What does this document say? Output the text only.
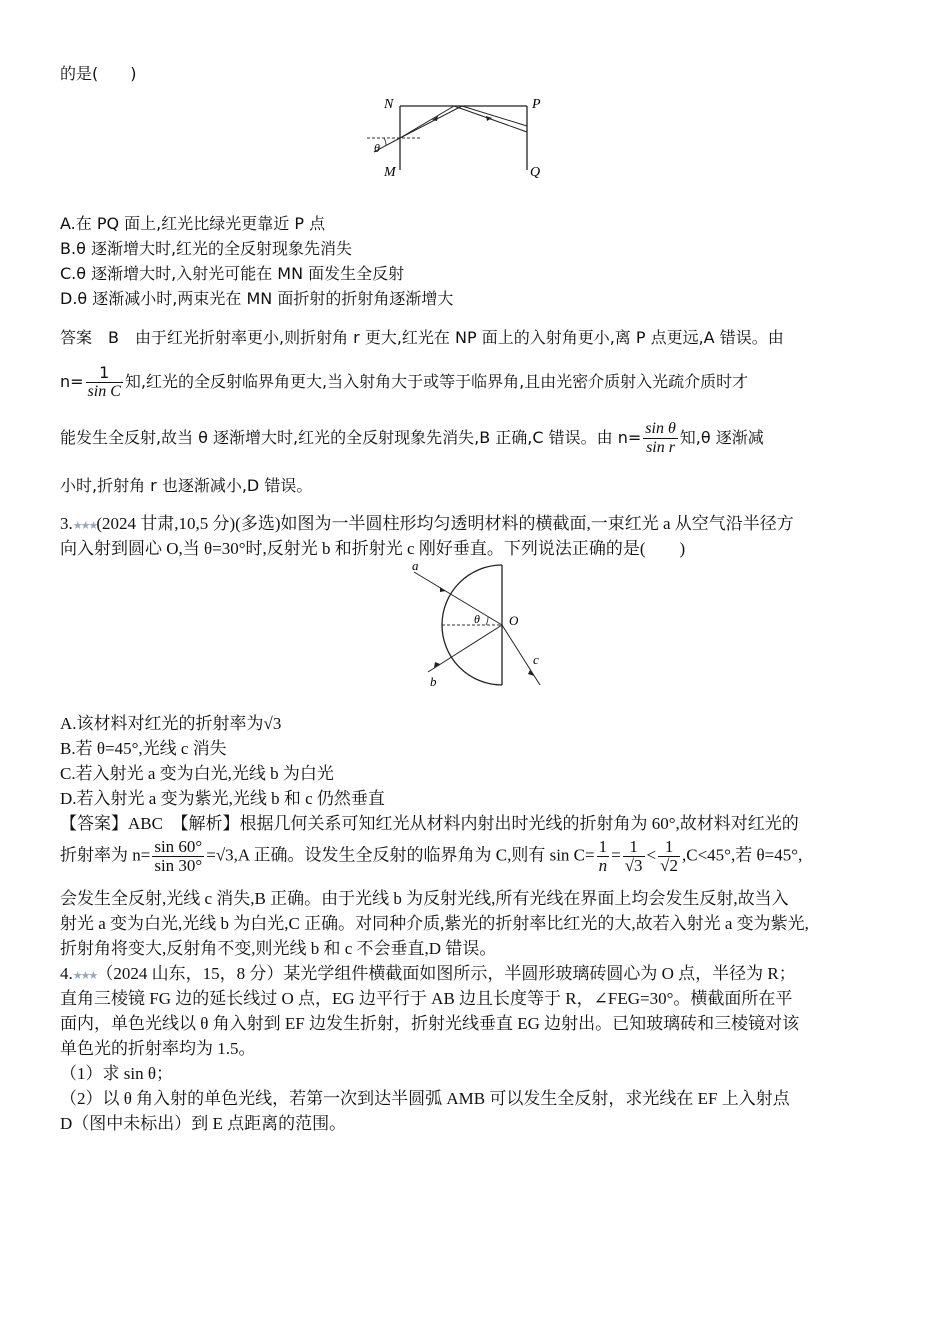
的是(　　)
N	P
M	Q
θ
A.在 PQ 面上,红光比绿光更靠近 P 点
B.θ 逐渐增大时,红光的全反射现象先消失
C.θ 逐渐增大时,入射光可能在 MN 面发生全反射
D.θ 逐渐减小时,两束光在 MN 面折射的折射角逐渐增大
答案　B　由于红光折射率更小,则折射角 r 更大,红光在 NP 面上的入射角更小,离 P 点更远,A 错误。由
$n= \frac{1}{\text{sin C}}$ 知,红光的全反射临界角更大,当入射角大于或等于临界角,且由光密介质射入光疏介质时才
能发生全反射,故当 θ 逐渐增大时,红光的全反射现象先消失,B 正确,C 错误。由 $n= \frac{\text{sin θ}}{\text{sin r}}$ 知,θ 逐渐减
小时,折射角 r 也逐渐减小,D 错误。
3.★★★(2024 甘肃,10,5 分)(多选)如图为一半圆柱形均匀透明材料的横截面,一束红光 a 从空气沿半径方
向入射到圆心 O,当 θ=30°时,反射光 b 和折射光 c 刚好垂直。下列说法正确的是(　　)
a
b
c
O
θ
A.该材料对红光的折射率为√3
B.若 θ=45°,光线 c 消失
C.若入射光 a 变为白光,光线 b 为白光
D.若入射光 a 变为紫光,光线 b 和 c 仍然垂直
【答案】ABC　【解析】根据几何关系可知红光从材料内射出时光线的折射角为 60°,故材料对红光的
折射率为 $n= \frac{\sin 60^\circ}{\sin 30^\circ} =√3,A$ 正确。设发生全反射的临界角为 C,则有 $\sin C= \frac{1}{n} = \frac{1}{√3} < \frac{1}{√2} ,C<45^\circ$,若 θ=45°,
会发生全反射,光线 c 消失,B 正确。由于光线 b 为反射光线,所有光线在界面上均会发生反射,故当入
射光 a 变为白光,光线 b 为白光,C 正确。对同种介质,紫光的折射率比红光的大,故若入射光 a 变为紫光,
折射角将变大,反射角不变,则光线 b 和 c 不会垂直,D 错误。
4.★★★（2024 山东，15，8 分）某光学组件横截面如图所示，半圆形玻璃砖圆心为 O 点，半径为 R；
直角三棱镜 FG 边的延长线过 O 点，EG 边平行于 AB 边且长度等于 R，∠FEG=30°。横截面所在平
面内，单色光线以 θ 角入射到 EF 边发生折射，折射光线垂直 EG 边射出。已知玻璃砖和三棱镜对该
单色光的折射率均为 1.5。
（1）求 sin θ；
（2）以 θ 角入射的单色光线，若第一次到达半圆弧 AMB 可以发生全反射，求光线在 EF 上入射点
D（图中未标出）到 E 点距离的范围。
